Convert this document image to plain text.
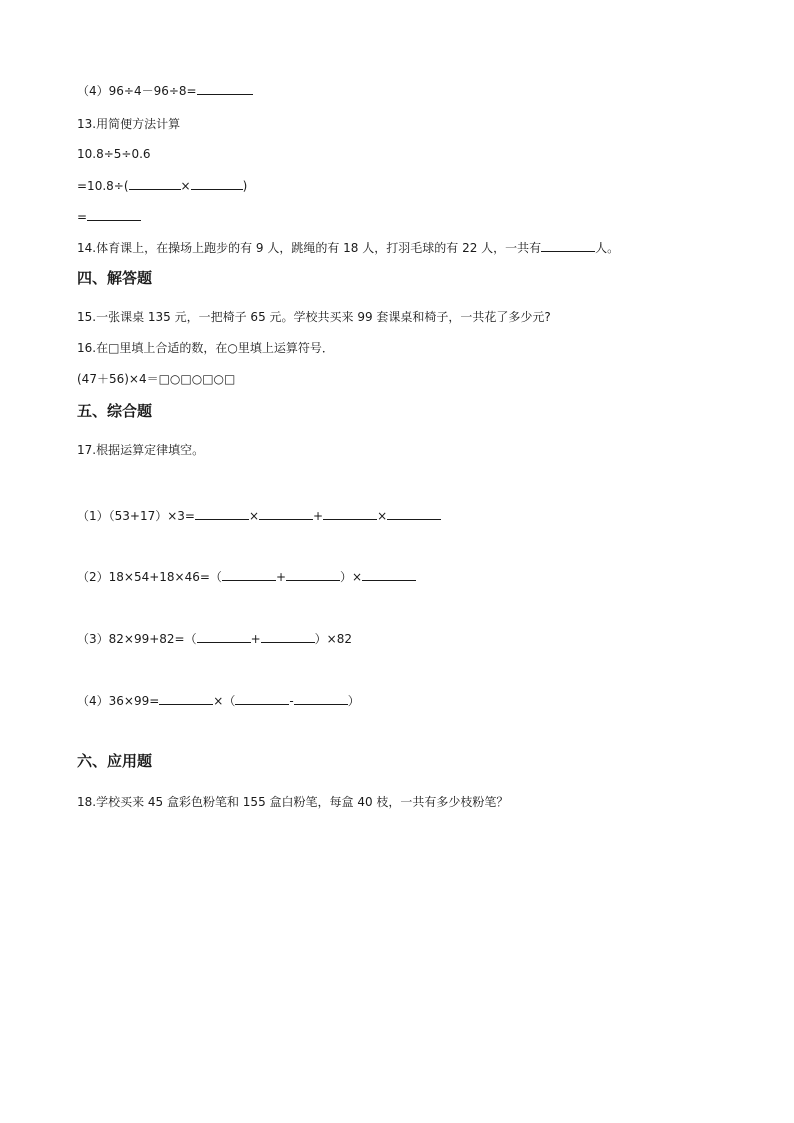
（4）96÷4－96÷8=

13.用简便方法计算

10.8÷5÷0.6

=10.8÷(	×	)

=

14.体育课上，在操场上跑步的有 9 人，跳绳的有 18 人，打羽毛球的有 22 人，一共有	人。

四、解答题

15.一张课桌 135 元，一把椅子 65 元。学校共买来 99 套课桌和椅子，一共花了多少元?

16.在□里填上合适的数，在○里填上运算符号．

(47＋56)×4＝□○□○□○□

五、综合题

17.根据运算定律填空。

（1）（53+17）×3=	×	+	×

（2）18×54+18×46=（	+	）×

（3）82×99+82=（	+	）×82

（4）36×99=	×（	-	）

六、应用题

18.学校买来 45 盒彩色粉笔和 155 盒白粉笔，每盒 40 枝，一共有多少枝粉笔？
